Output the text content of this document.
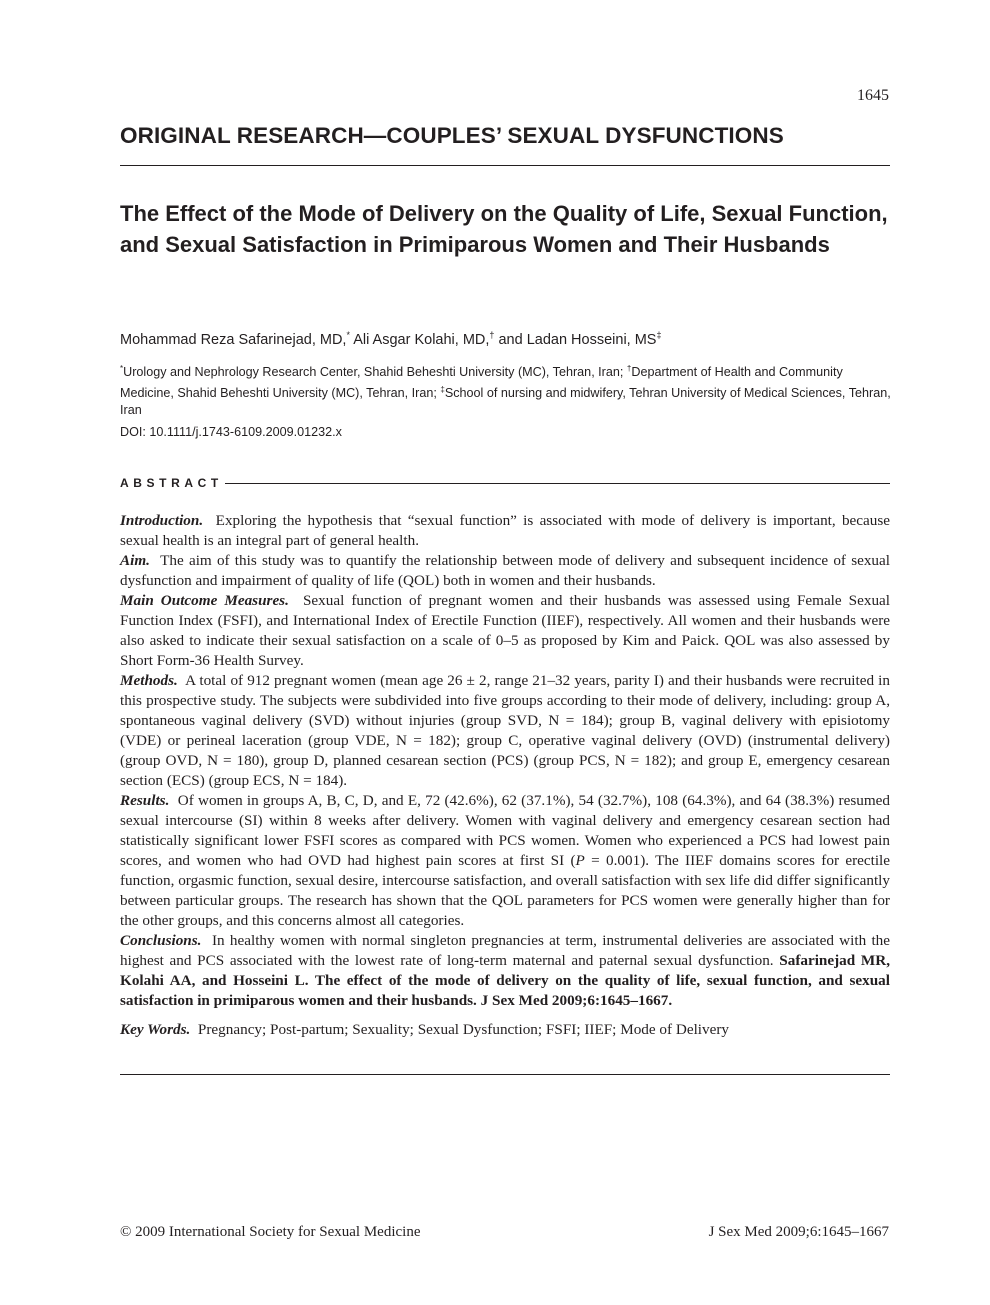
1645
ORIGINAL RESEARCH—COUPLES’ SEXUAL DYSFUNCTIONS
The Effect of the Mode of Delivery on the Quality of Life, Sexual Function, and Sexual Satisfaction in Primiparous Women and Their Husbands
Mohammad Reza Safarinejad, MD,* Ali Asgar Kolahi, MD,† and Ladan Hosseini, MS‡
*Urology and Nephrology Research Center, Shahid Beheshti University (MC), Tehran, Iran; †Department of Health and Community Medicine, Shahid Beheshti University (MC), Tehran, Iran; ‡School of nursing and midwifery, Tehran University of Medical Sciences, Tehran, Iran
DOI: 10.1111/j.1743-6109.2009.01232.x
ABSTRACT

Introduction. Exploring the hypothesis that “sexual function” is associated with mode of delivery is important, because sexual health is an integral part of general health.

Aim. The aim of this study was to quantify the relationship between mode of delivery and subsequent incidence of sexual dysfunction and impairment of quality of life (QOL) both in women and their husbands.

Main Outcome Measures. Sexual function of pregnant women and their husbands was assessed using Female Sexual Function Index (FSFI), and International Index of Erectile Function (IIEF), respectively. All women and their husbands were also asked to indicate their sexual satisfaction on a scale of 0–5 as proposed by Kim and Paick. QOL was also assessed by Short Form-36 Health Survey.

Methods. A total of 912 pregnant women (mean age 26 ± 2, range 21–32 years, parity I) and their husbands were recruited in this prospective study. The subjects were subdivided into five groups according to their mode of delivery, including: group A, spontaneous vaginal delivery (SVD) without injuries (group SVD, N = 184); group B, vaginal delivery with episiotomy (VDE) or perineal laceration (group VDE, N = 182); group C, operative vaginal delivery (OVD) (instrumental delivery) (group OVD, N = 180), group D, planned cesarean section (PCS) (group PCS, N = 182); and group E, emergency cesarean section (ECS) (group ECS, N = 184).

Results. Of women in groups A, B, C, D, and E, 72 (42.6%), 62 (37.1%), 54 (32.7%), 108 (64.3%), and 64 (38.3%) resumed sexual intercourse (SI) within 8 weeks after delivery. Women with vaginal delivery and emergency cesarean section had statistically significant lower FSFI scores as compared with PCS women. Women who experienced a PCS had lowest pain scores, and women who had OVD had highest pain scores at first SI (P = 0.001). The IIEF domains scores for erectile function, orgasmic function, sexual desire, intercourse satisfaction, and overall satisfaction with sex life did differ significantly between particular groups. The research has shown that the QOL parameters for PCS women were generally higher than for the other groups, and this concerns almost all categories.

Conclusions. In healthy women with normal singleton pregnancies at term, instrumental deliveries are associated with the highest and PCS associated with the lowest rate of long-term maternal and paternal sexual dysfunction. Safarinejad MR, Kolahi AA, and Hosseini L. The effect of the mode of delivery on the quality of life, sexual function, and sexual satisfaction in primiparous women and their husbands. J Sex Med 2009;6:1645–1667.

Key Words. Pregnancy; Post-partum; Sexuality; Sexual Dysfunction; FSFI; IIEF; Mode of Delivery
© 2009 International Society for Sexual Medicine	J Sex Med 2009;6:1645–1667
